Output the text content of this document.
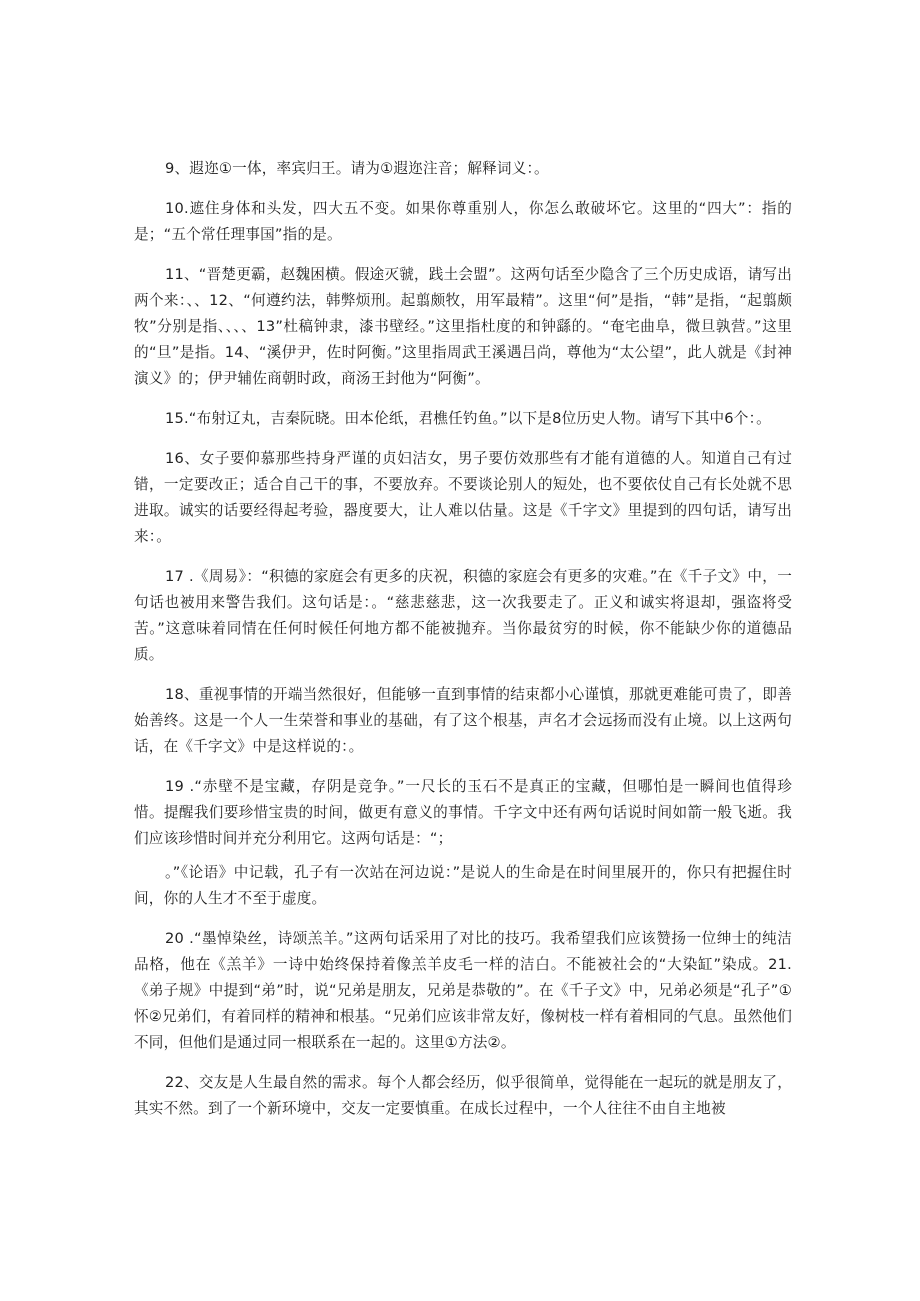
9、遐迩①一体，率宾归王。请为①遐迩注音；解释词义：。

10.遮住身体和头发，四大五不变。如果你尊重别人，你怎么敢破坏它。这里的“四大”：指的是；“五个常任理事国”指的是。

11、“晋楚更霸，赵魏困横。假途灭虢，践土会盟”。这两句话至少隐含了三个历史成语，请写出两个来：、、12、“何遵约法，韩弊烦刑。起翦颇牧，用军最精”。这里“何”是指，“韩”是指，“起翦颇牧”分别是指、、、、13”杜稿钟隶，漆书壁经。”这里指杜度的和钟繇的。“奄宅曲阜，微旦孰营。”这里的“旦”是指。14、“溪伊尹，佐时阿衡。”这里指周武王溪遇吕尚，尊他为“太公望”，此人就是《封神演义》的；伊尹辅佐商朝时政，商汤王封他为“阿衡”。

15.“布射辽丸，吉秦阮晓。田本伦纸，君樵任钓鱼。”以下是8位历史人物。请写下其中6个：。

16、女子要仰慕那些持身严谨的贞妇洁女，男子要仿效那些有才能有道德的人。知道自己有过错，一定要改正；适合自己干的事，不要放弃。不要谈论别人的短处，也不要依仗自己有长处就不思进取。诚实的话要经得起考验，器度要大，让人难以估量。这是《千字文》里提到的四句话，请写出来：。

17 .《周易》：“积德的家庭会有更多的庆祝，积德的家庭会有更多的灾难。”在《千子文》中，一句话也被用来警告我们。这句话是：。“慈悲慈悲，这一次我要走了。正义和诚实将退却，强盗将受苦。”这意味着同情在任何时候任何地方都不能被抛弃。当你最贫穷的时候，你不能缺少你的道德品质。

18、重视事情的开端当然很好，但能够一直到事情的结束都小心谨慎，那就更难能可贵了，即善始善终。这是一个人一生荣誉和事业的基础，有了这个根基，声名才会远扬而没有止境。以上这两句话，在《千字文》中是这样说的：。

19 .“赤壁不是宝藏，存阴是竞争。”一尺长的玉石不是真正的宝藏，但哪怕是一瞬间也值得珍惜。提醒我们要珍惜宝贵的时间，做更有意义的事情。千字文中还有两句话说时间如箭一般飞逝。我们应该珍惜时间并充分利用它。这两句话是：“；

。”《论语》中记载，孔子有一次站在河边说：”是说人的生命是在时间里展开的，你只有把握住时间，你的人生才不至于虚度。

20 .“墨悼染丝，诗颂羔羊。”这两句话采用了对比的技巧。我希望我们应该赞扬一位绅士的纯洁品格，他在《羔羊》一诗中始终保持着像羔羊皮毛一样的洁白。不能被社会的“大染缸”染成。21.《弟子规》中提到“弟”时，说“兄弟是朋友，兄弟是恭敬的”。在《千子文》中，兄弟必须是“孔子”①怀②兄弟们，有着同样的精神和根基。“兄弟们应该非常友好，像树枝一样有着相同的气息。虽然他们不同，但他们是通过同一根联系在一起的。这里①方法②。

22、交友是人生最自然的需求。每个人都会经历，似乎很简单，觉得能在一起玩的就是朋友了，其实不然。到了一个新环境中，交友一定要慎重。在成长过程中，一个人往往不由自主地被
